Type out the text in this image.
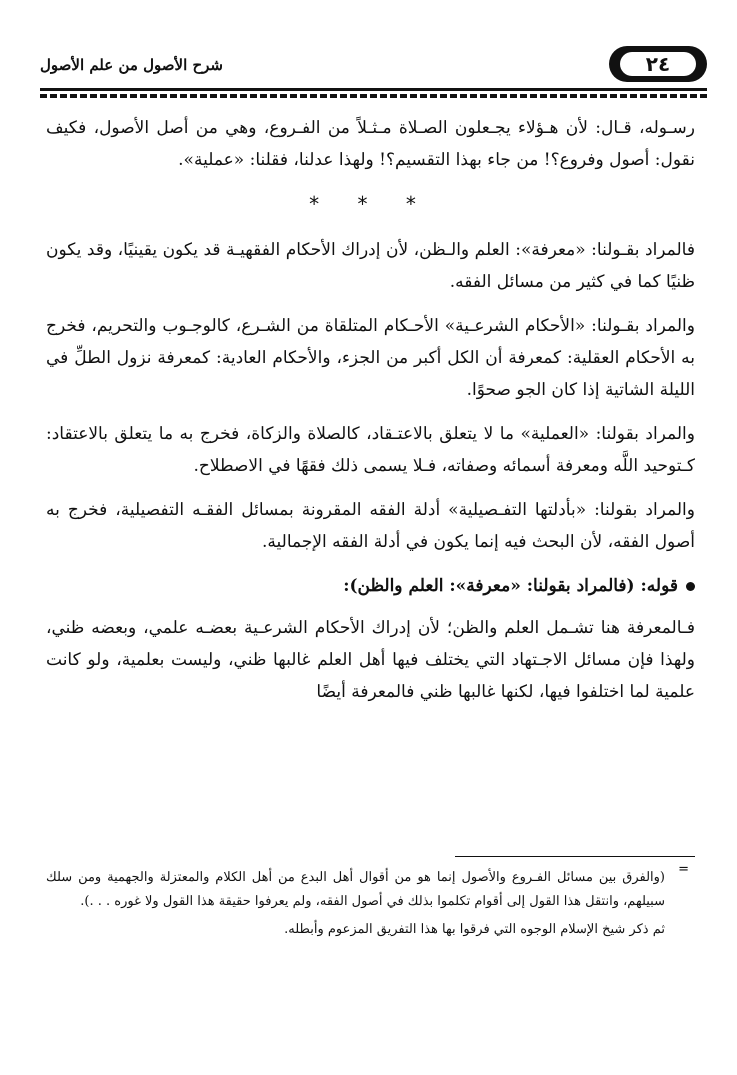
٢٤
شرح الأصول من علم الأصول

رسـوله، قـال: لأن هـؤلاء يجـعلون الصـلاة مـثـلاً من الفـروع، وهي من أصل الأصول، فكيف نقول: أصول وفروع؟! من جاء بهذا التقسيم؟! ولهذا عدلنا، فقلنا: «عملية».

* * *

فالمراد بقـولنا: «معرفة»: العلم والـظن، لأن إدراك الأحكام الفقهيـة قد يكون يقينيًا، وقد يكون ظنيًا كما في كثير من مسائل الفقه.

والمراد بقـولنا: «الأحكام الشرعـية» الأحـكام المتلقاة من الشـرع، كالوجـوب والتحريم، فخرج به الأحكام العقلية: كمعرفة أن الكل أكبر من الجزء، والأحكام العادية: كمعرفة نزول الطلِّ في الليلة الشاتية إذا كان الجو صحوًا.

والمراد بقولنا: «العملية» ما لا يتعلق بالاعتـقاد، كالصلاة والزكاة، فخرج به ما يتعلق بالاعتقاد: كـتوحيد اللَّه ومعرفة أسمائه وصفاته، فـلا يسمى ذلك فقهًا في الاصطلاح.

والمراد بقولنا: «بأدلتها التفـصيلية» أدلة الفقه المقرونة بمسائل الفقـه التفصيلية، فخرج به أصول الفقه، لأن البحث فيه إنما يكون في أدلة الفقه الإجمالية.

قوله: (فالمراد بقولنا: «معرفة»: العلم والظن):

فـالمعرفة هنا تشـمل العلم والظن؛ لأن إدراك الأحكام الشرعـية بعضـه علمي، وبعضه ظني، ولهذا فإن مسائل الاجـتهاد التي يختلف فيها أهل العلم غالبها ظني، وليست بعلمية، ولو كانت علمية لما اختلفوا فيها، لكنها غالبها ظني فالمعرفة أيضًا

=

(والفرق بين مسائل الفـروع والأصول إنما هو من أقوال أهل البدع من أهل الكلام والمعتزلة والجهمية ومن سلك سبيلهم، وانتقل هذا القول إلى أقوام تكلموا بذلك في أصول الفقه، ولم يعرفوا حقيقة هذا القول ولا غوره . . .).

ثم ذكر شيخ الإسلام الوجوه التي فرقوا بها هذا التفريق المزعوم وأبطله.
